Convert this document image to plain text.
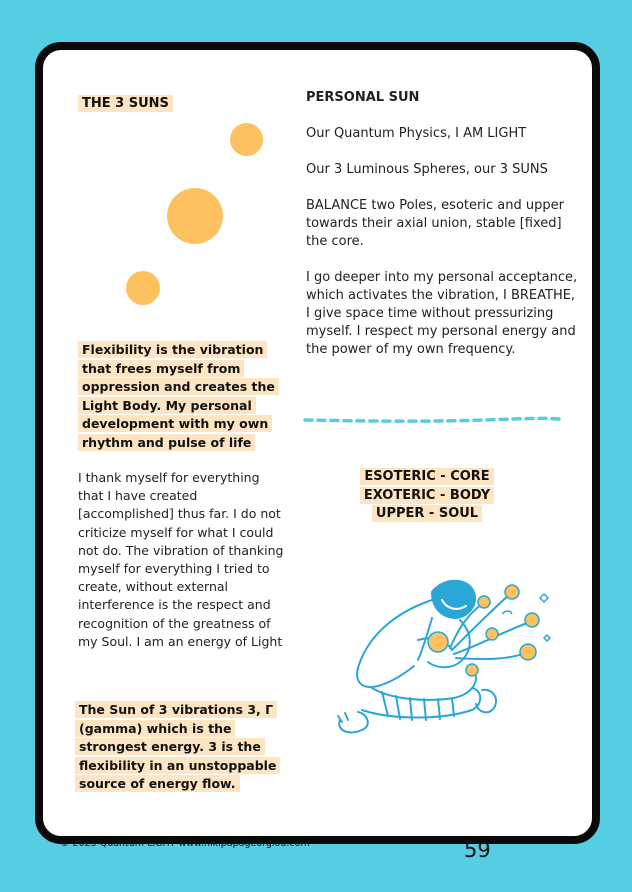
THE 3 SUNS
Flexibility is the vibration that frees myself from oppression and creates the Light Body. My personal development with my own rhythm and pulse of life

PERSONAL SUN

Our Quantum Physics, I AM LIGHT

Our 3 Luminous Spheres, our 3 SUNS

BALANCE two Poles, esoteric and upper towards their axial union, stable [fixed] the core.

I go deeper into my personal acceptance, which activates the vibration, I BREATHE, I give space time without pressurizing myself. I respect my personal energy and the power of my own frequency.

I thank myself for everything that I have created [accomplished] thus far. I do not criticize myself for what I could not do. The vibration of thanking myself for everything I tried to create, without external interference is the respect and recognition of the greatness of my Soul. I am an energy of Light
ESOTERIC - CORE
EXOTERIC - BODY
UPPER - SOUL
The Sun of 3 vibrations 3, Γ (gamma) which is the strongest energy. 3 is the flexibility in an unstoppable source of energy flow.
© 2025 Quantum LIGHT www.nikipapageorgiou.com	59
